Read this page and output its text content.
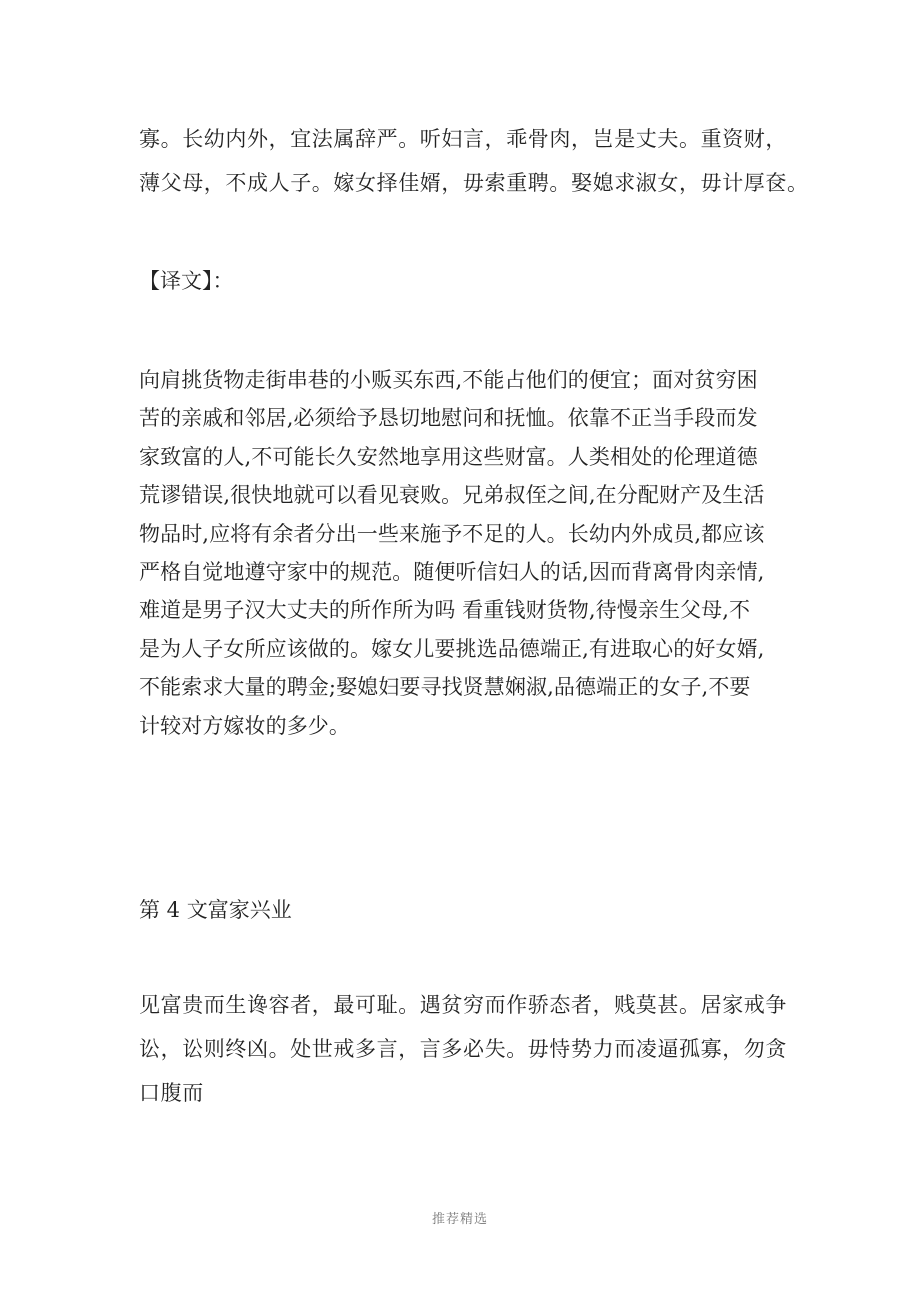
寡。长幼内外，宜法属辞严。听妇言，乖骨肉，岂是丈夫。重资财，

薄父母，不成人子。嫁女择佳婿，毋索重聘。娶媳求淑女，毋计厚奁。

【译文】：

向肩挑货物走街串巷的小贩买东西,不能占他们的便宜；面对贫穷困

苦的亲戚和邻居,必须给予恳切地慰问和抚恤。依靠不正当手段而发

家致富的人,不可能长久安然地享用这些财富。人类相处的伦理道德

荒谬错误,很快地就可以看见衰败。兄弟叔侄之间,在分配财产及生活

物品时,应将有余者分出一些来施予不足的人。长幼内外成员,都应该

严格自觉地遵守家中的规范。随便听信妇人的话,因而背离骨肉亲情,

难道是男子汉大丈夫的所作所为吗 看重钱财货物,待慢亲生父母,不

是为人子女所应该做的。嫁女儿要挑选品德端正,有进取心的好女婿,

不能索求大量的聘金;娶媳妇要寻找贤慧娴淑,品德端正的女子,不要

计较对方嫁妆的多少。

第 4 文富家兴业

见富贵而生谗容者，最可耻。遇贫穷而作骄态者，贱莫甚。居家戒争

讼，讼则终凶。处世戒多言，言多必失。毋恃势力而凌逼孤寡，勿贪

口腹而

推荐精选
